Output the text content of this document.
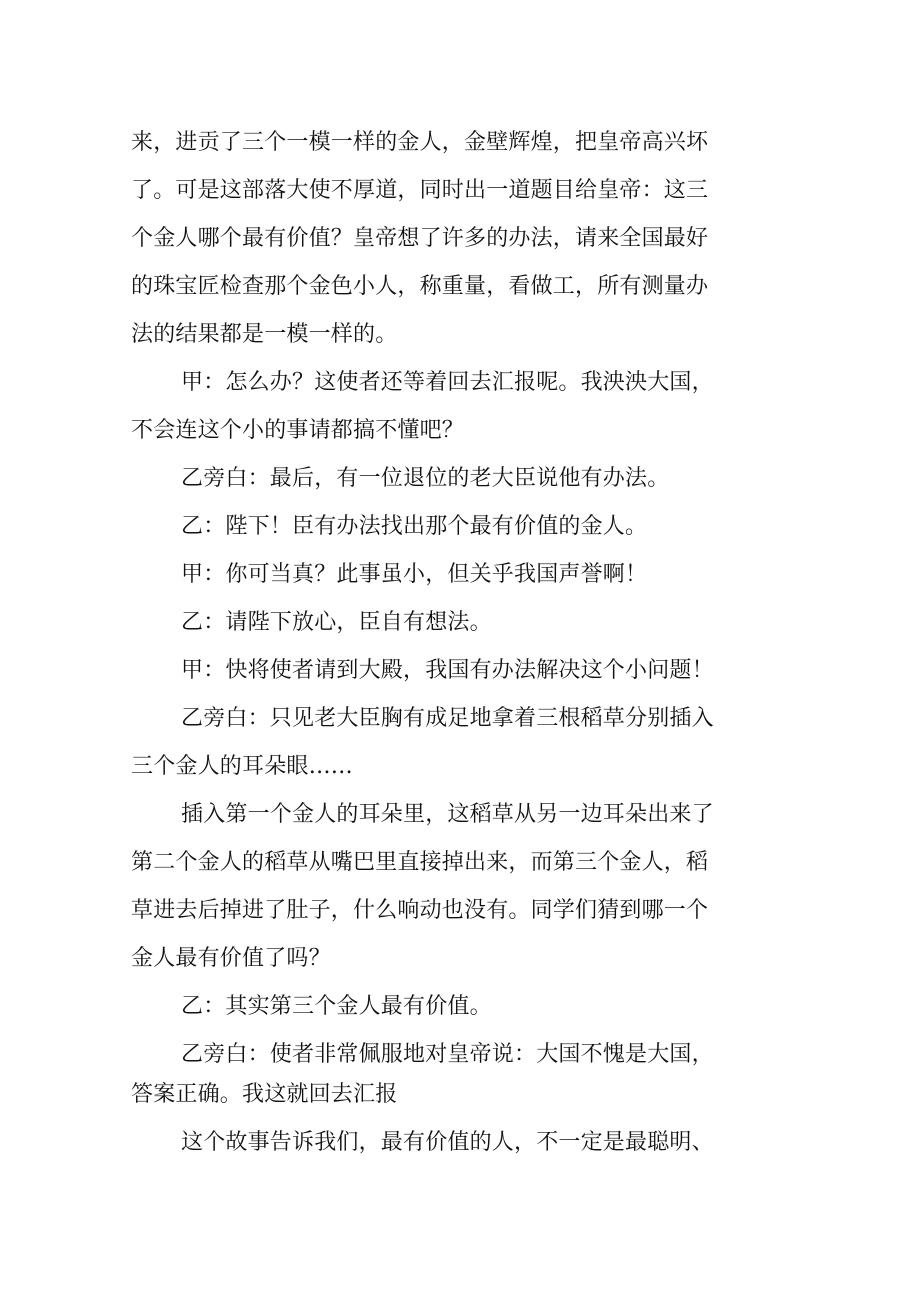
来，进贡了三个一模一样的金人，金壁辉煌，把皇帝高兴坏
了。可是这部落大使不厚道，同时出一道题目给皇帝：这三
个金人哪个最有价值？皇帝想了许多的办法，请来全国最好
的珠宝匠检查那个金色小人，称重量，看做工，所有测量办
法的结果都是一模一样的。
甲：怎么办？这使者还等着回去汇报呢。我泱泱大国，
不会连这个小的事请都搞不懂吧？
乙旁白：最后，有一位退位的老大臣说他有办法。
乙：陛下！臣有办法找出那个最有价值的金人。
甲：你可当真？此事虽小，但关乎我国声誉啊！
乙：请陛下放心，臣自有想法。
甲：快将使者请到大殿，我国有办法解决这个小问题！
乙旁白：只见老大臣胸有成足地拿着三根稻草分别插入
三个金人的耳朵眼……
插入第一个金人的耳朵里，这稻草从另一边耳朵出来了
第二个金人的稻草从嘴巴里直接掉出来，而第三个金人，稻
草进去后掉进了肚子，什么响动也没有。同学们猜到哪一个
金人最有价值了吗？
乙：其实第三个金人最有价值。
乙旁白：使者非常佩服地对皇帝说：大国不愧是大国，
答案正确。我这就回去汇报
这个故事告诉我们，最有价值的人，不一定是最聪明、
